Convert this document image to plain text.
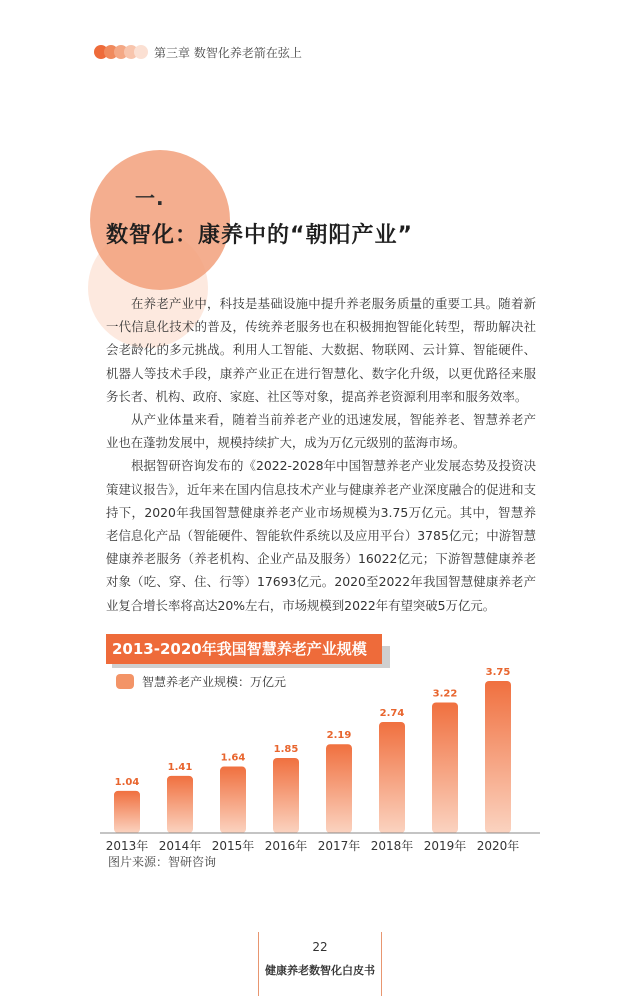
第三章 数智化养老箭在弦上
一.
数智化：康养中的“朝阳产业”

在养老产业中，科技是基础设施中提升养老服务质量的重要工具。随着新一代信息化技术的普及，传统养老服务也在积极拥抱智能化转型，帮助解决社会老龄化的多元挑战。利用人工智能、大数据、物联网、云计算、智能硬件、机器人等技术手段，康养产业正在进行智慧化、数字化升级，以更优路径来服务长者、机构、政府、家庭、社区等对象，提高养老资源利用率和服务效率。

从产业体量来看，随着当前养老产业的迅速发展，智能养老、智慧养老产业也在蓬勃发展中，规模持续扩大，成为万亿元级别的蓝海市场。

根据智研咨询发布的《2022-2028年中国智慧养老产业发展态势及投资决策建议报告》，近年来在国内信息技术产业与健康养老产业深度融合的促进和支持下，2020年我国智慧健康养老产业市场规模为3.75万亿元。其中，智慧养老信息化产品（智能硬件、智能软件系统以及应用平台）3785亿元；中游智慧健康养老服务（养老机构、企业产品及服务）16022亿元；下游智慧健康养老对象（吃、穿、住、行等）17693亿元。2020至2022年我国智慧健康养老产业复合增长率将高达20%左右，市场规模到2022年有望突破5万亿元。

2013-2020年我国智慧养老产业规模
智慧养老产业规模：万亿元
1.04
1.41
1.64
1.85
2.19
2.74
3.22
3.75
2013年 2014年 2015年 2016年 2017年 2018年 2019年 2020年
图片来源：智研咨询
22
健康养老数智化白皮书
